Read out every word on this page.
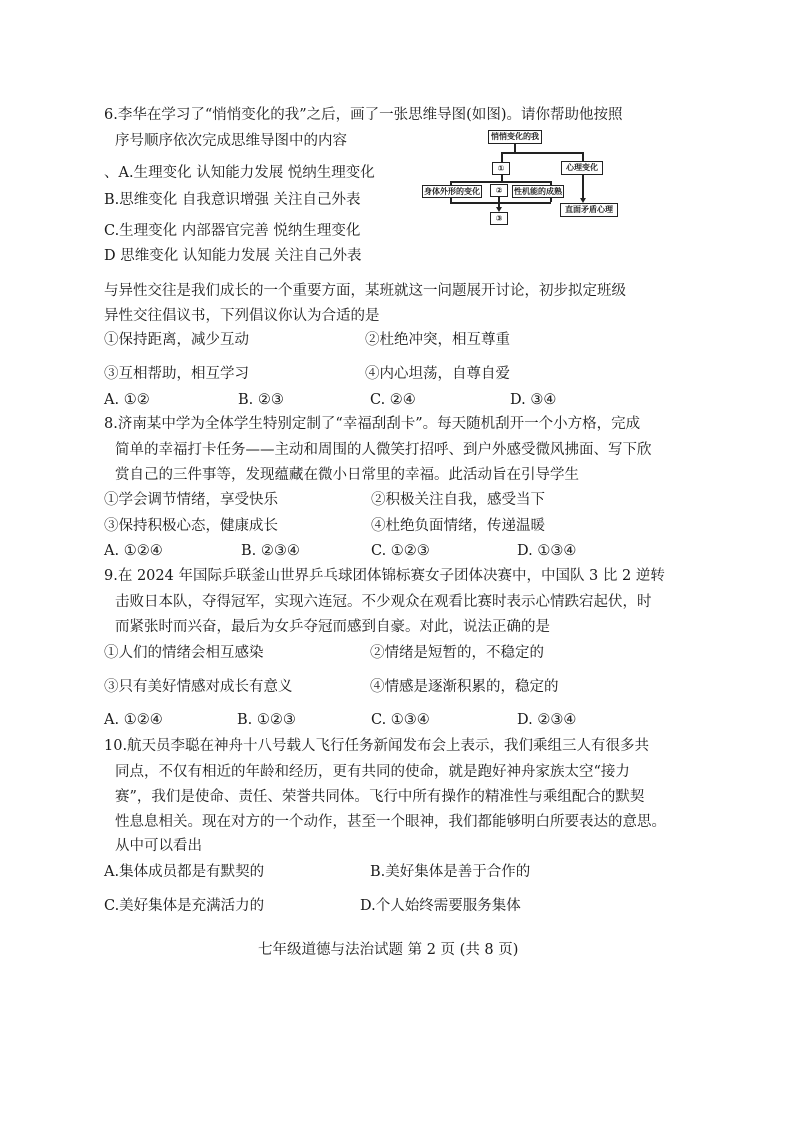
6.李华在学习了“悄悄变化的我”之后，画了一张思维导图(如图)。请你帮助他按照
序号顺序依次完成思维导图中的内容
、A.生理变化 认知能力发展 悦纳生理变化
B.思维变化 自我意识增强 关注自己外表
C.生理变化 内部器官完善 悦纳生理变化
D 思维变化 认知能力发展 关注自己外表
悄悄变化的我
①	心理变化
身体外形的变化	②	性机能的成熟
③
直面矛盾心理
与异性交往是我们成长的一个重要方面，某班就这一问题展开讨论，初步拟定班级
异性交往倡议书，下列倡议你认为合适的是
①保持距离，减少互动	②杜绝冲突，相互尊重
③互相帮助，相互学习	④内心坦荡，自尊自爱
A. ①②	B. ②③	C. ②④	D. ③④
8.济南某中学为全体学生特别定制了“幸福刮刮卡”。每天随机刮开一个小方格，完成
简单的幸福打卡任务——主动和周围的人微笑打招呼、到户外感受微风拂面、写下欣
赏自己的三件事等，发现蕴藏在微小日常里的幸福。此活动旨在引导学生
①学会调节情绪，享受快乐	②积极关注自我，感受当下
③保持积极心态，健康成长	④杜绝负面情绪，传递温暖
A. ①②④	B. ②③④	C. ①②③	D. ①③④
9.在 2024 年国际乒联釜山世界乒乓球团体锦标赛女子团体决赛中，中国队 3 比 2 逆转
击败日本队，夺得冠军，实现六连冠。不少观众在观看比赛时表示心情跌宕起伏，时
而紧张时而兴奋，最后为女乒夺冠而感到自豪。对此，说法正确的是
①人们的情绪会相互感染	②情绪是短暂的，不稳定的
③只有美好情感对成长有意义	④情感是逐渐积累的，稳定的
A. ①②④	B. ①②③	C. ①③④	D. ②③④
10.航天员李聪在神舟十八号载人飞行任务新闻发布会上表示，我们乘组三人有很多共
同点，不仅有相近的年龄和经历，更有共同的使命，就是跑好神舟家族太空“接力
赛”，我们是使命、责任、荣誉共同体。飞行中所有操作的精准性与乘组配合的默契
性息息相关。现在对方的一个动作，甚至一个眼神，我们都能够明白所要表达的意思。
从中可以看出
A.集体成员都是有默契的	B.美好集体是善于合作的
C.美好集体是充满活力的	D.个人始终需要服务集体
七年级道德与法治试题 第 2 页 (共 8 页)
